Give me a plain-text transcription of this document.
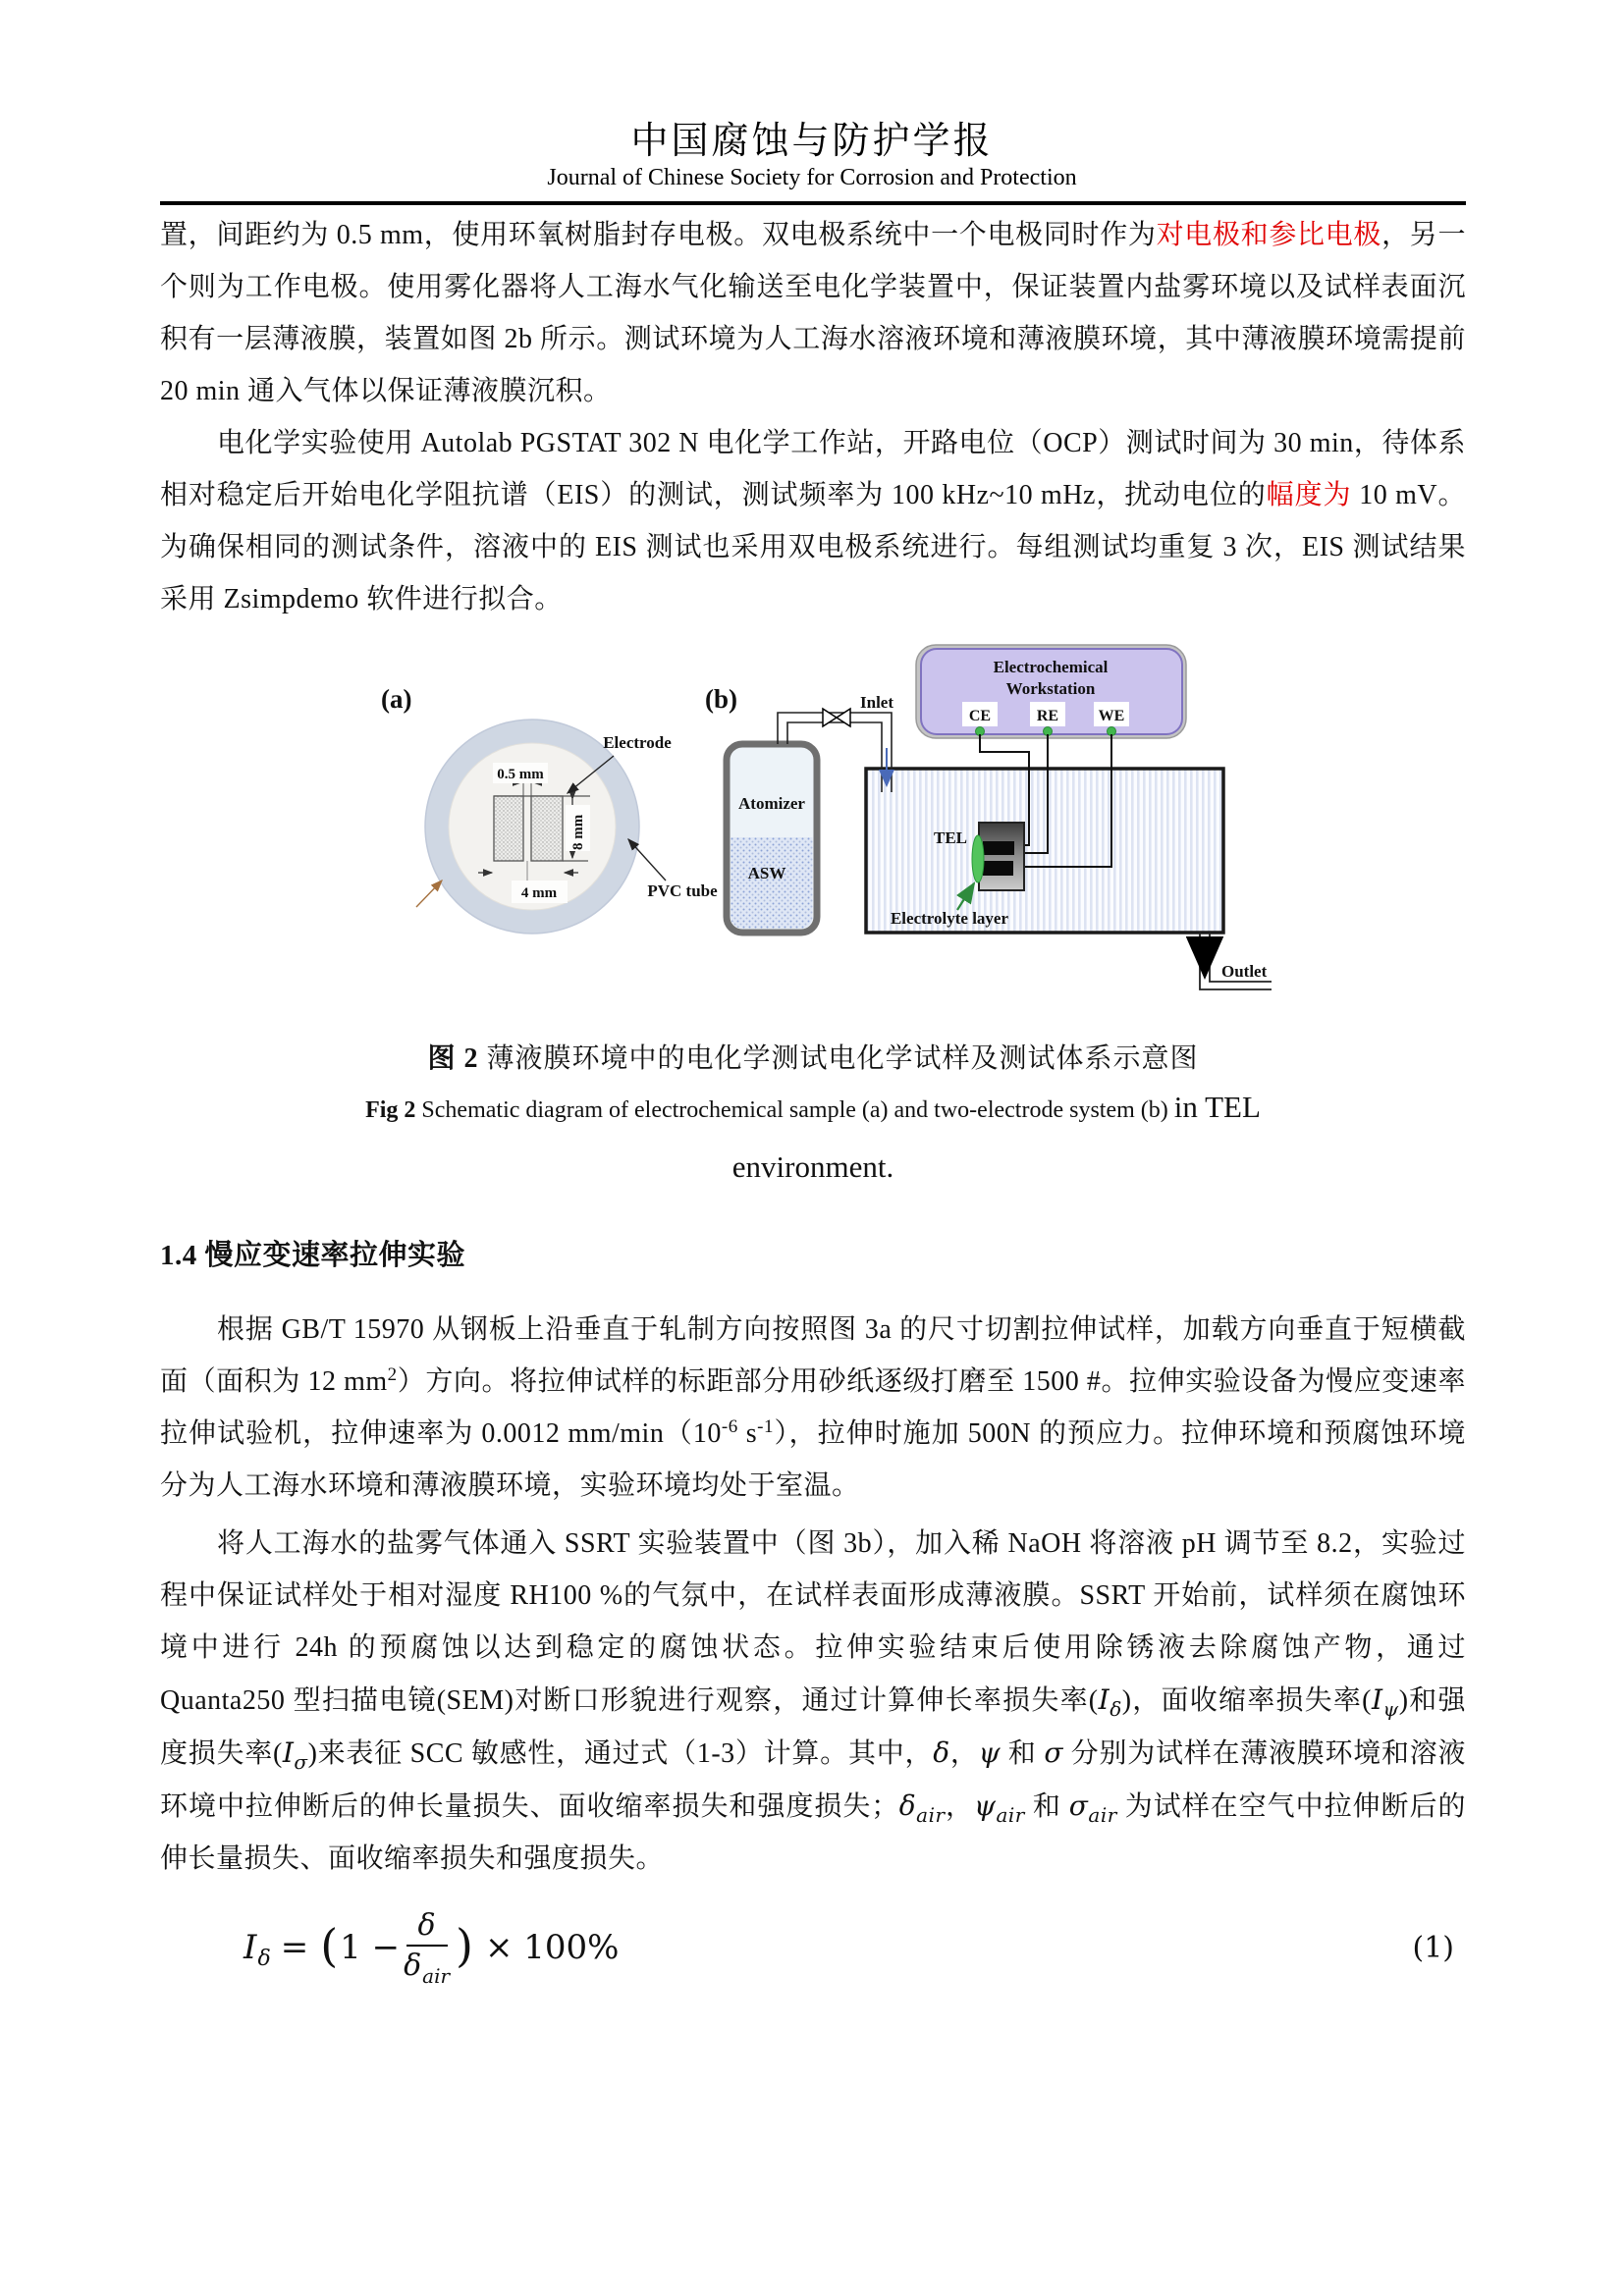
中国腐蚀与防护学报
Journal of Chinese Society for Corrosion and Protection

置，间距约为 0.5 mm，使用环氧树脂封存电极。双电极系统中一个电极同时作为对电极和参比电极，另一个则为工作电极。使用雾化器将人工海水气化输送至电化学装置中，保证装置内盐雾环境以及试样表面沉积有一层薄液膜，装置如图 2b 所示。测试环境为人工海水溶液环境和薄液膜环境，其中薄液膜环境需提前 20 min 通入气体以保证薄液膜沉积。

电化学实验使用 Autolab PGSTAT 302 N 电化学工作站，开路电位（OCP）测试时间为 30 min，待体系相对稳定后开始电化学阻抗谱（EIS）的测试，测试频率为 100 kHz~10 mHz，扰动电位的幅度为 10 mV。为确保相同的测试条件，溶液中的 EIS 测试也采用双电极系统进行。每组测试均重复 3 次，EIS 测试结果采用 Zsimpdemo 软件进行拟合。

(a)
0.5 mm
8 mm
4 mm
Electrode
PVC tube
(b)
Atomizer
ASW
Inlet
Electrochemical
Workstation
CE	RE	WE
TEL
Electrolyte layer
Outlet
图 2 薄液膜环境中的电化学测试电化学试样及测试体系示意图
Fig 2 Schematic diagram of electrochemical sample (a) and two-electrode system (b) in TEL
environment.
1.4 慢应变速率拉伸实验

根据 GB/T 15970 从钢板上沿垂直于轧制方向按照图 3a 的尺寸切割拉伸试样，加载方向垂直于短横截面（面积为 12 $mm^2$）方向。将拉伸试样的标距部分用砂纸逐级打磨至 1500 #。拉伸实验设备为慢应变速率拉伸试验机，拉伸速率为 0.0012 $mm/\min(10^{-6}$ $s^{-1}$），拉伸时施加 500N 的预应力。拉伸环境和预腐蚀环境分为人工海水环境和薄液膜环境，实验环境均处于室温。

将人工海水的盐雾气体通入 SSRT 实验装置中（图 3b），加入稀 NaOH 将溶液 pH 调节至 8.2，实验过程中保证试样处于相对湿度 RH100 %的气氛中，在试样表面形成薄液膜。SSRT 开始前，试样须在腐蚀环境中进行 24h 的预腐蚀以达到稳定的腐蚀状态。拉伸实验结束后使用除锈液去除腐蚀产物，通过 Quanta250 型扫描电镜(SEM)对断口形貌进行观察，通过计算伸长率损失率$(I_\delta)$，面收缩率损失率$(I_\psi)$和强度损失率$(I_\sigma)$来表征 SCC 敏感性，通过式（1-3）计算。其中，δ，ψ 和 σ 分别为试样在薄液膜环境和溶液环境中拉伸断后的伸长量损失、面收缩率损失和强度损失；$\delta_{air}$，$\psi_{air}$ 和 $\sigma_{air}$ 为试样在空气中拉伸断后的伸长量损失、面收缩率损失和强度损失。

I δ = ( $1 - \frac{\delta}{\delta_{air}}$ ) × 100%	(1)
